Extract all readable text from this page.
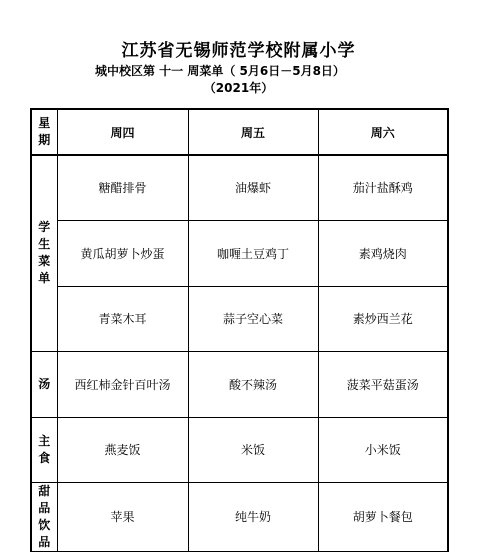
江苏省无锡师范学校附属小学
城中校区第 十一 周菜单（ 5月6日－5月8日）
（2021年）
星
期	周四	周五	周六

学
生
菜
单	糖醋排骨	油爆虾	茄汁盐酥鸡
	黄瓜胡萝卜炒蛋	咖喱土豆鸡丁	素鸡烧肉
	青菜木耳	蒜子空心菜	素炒西兰花

汤	西红柿金针百叶汤	酸不辣汤	菠菜平菇蛋汤

主
食	燕麦饭	米饭	小米饭

甜
品
饮
品	苹果	纯牛奶	胡萝卜餐包
